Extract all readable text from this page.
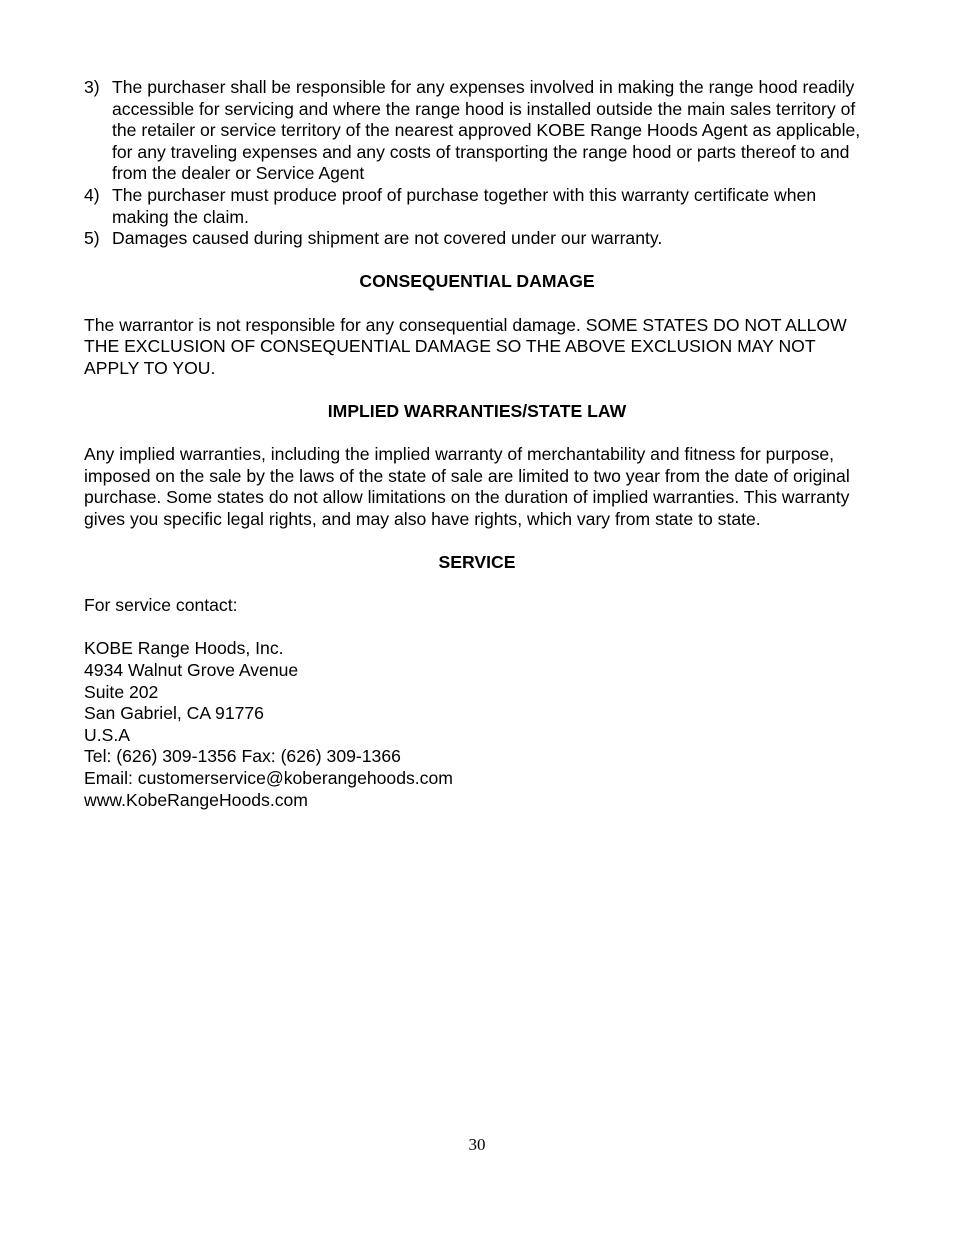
3) The purchaser shall be responsible for any expenses involved in making the range hood readily accessible for servicing and where the range hood is installed outside the main sales territory of the retailer or service territory of the nearest approved KOBE Range Hoods Agent as applicable, for any traveling expenses and any costs of transporting the range hood or parts thereof to and from the dealer or Service Agent
4) The purchaser must produce proof of purchase together with this warranty certificate when making the claim.
5) Damages caused during shipment are not covered under our warranty.
CONSEQUENTIAL DAMAGE

The warrantor is not responsible for any consequential damage. SOME STATES DO NOT ALLOW THE EXCLUSION OF CONSEQUENTIAL DAMAGE SO THE ABOVE EXCLUSION MAY NOT APPLY TO YOU.

IMPLIED WARRANTIES/STATE LAW

Any implied warranties, including the implied warranty of merchantability and fitness for purpose, imposed on the sale by the laws of the state of sale are limited to two year from the date of original purchase. Some states do not allow limitations on the duration of implied warranties. This warranty gives you specific legal rights, and may also have rights, which vary from state to state.

SERVICE

For service contact:

KOBE Range Hoods, Inc.
4934 Walnut Grove Avenue
Suite 202
San Gabriel, CA 91776
U.S.A
Tel: (626) 309-1356 Fax: (626) 309-1366
Email: customerservice@koberangehoods.com
www.KobeRangeHoods.com
30
